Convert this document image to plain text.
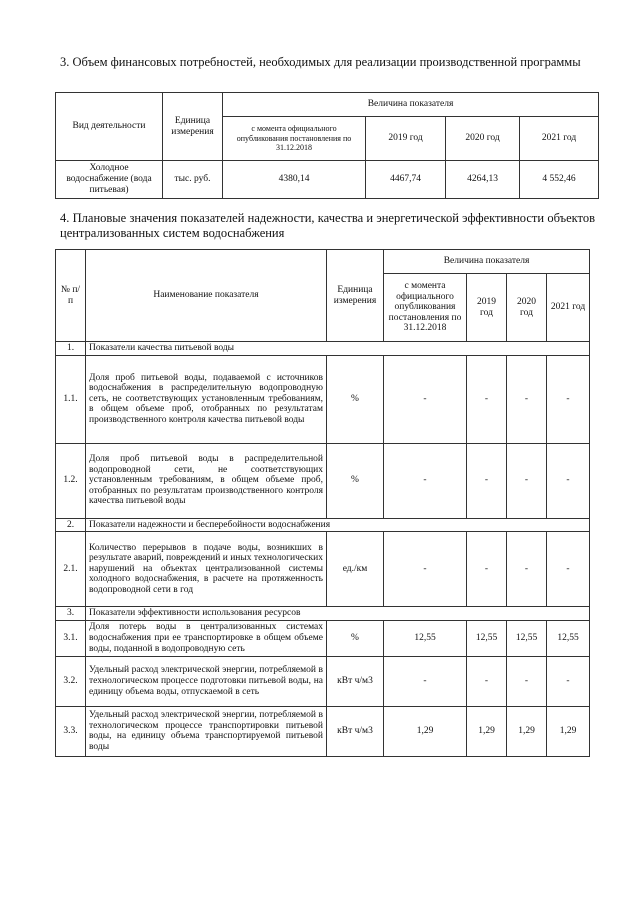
3. Объем финансовых потребностей, необходимых для реализации производственной программы
Вид деятельности	Единица измерения	Величина показателя			
		с момента официального опубликования постановления по 31.12.2018	2019 год	2020 год	2021 год
Холодное водоснабжение (вода питьевая)	тыс. руб.	4380,14	4467,74	4264,13	4 552,46
4. Плановые значения показателей надежности, качества и энергетической эффективности объектов централизованных систем водоснабжения
№ п/п	Наименование показателя	Единица измерения	Величина показателя			
			с момента официального опубликования постановления по 31.12.2018	2019 год	2020 год	2021 год
1.	Показатели качества питьевой воды					
1.1.	Доля проб питьевой воды, подаваемой с источников водоснабжения в распределительную водопроводную сеть, не соответствующих установленным требованиям, в общем объеме проб, отобранных по результатам производственного контроля качества питьевой воды	%	-	-	-	-
1.2.	Доля проб питьевой воды в распределительной водопроводной сети, не соответствующих установленным требованиям, в общем объеме проб, отобранных по результатам производственного контроля качества питьевой воды	%	-	-	-	-
2.	Показатели надежности и бесперебойности водоснабжения					
2.1.	Количество перерывов в подаче воды, возникших в результате аварий, повреждений и иных технологических нарушений на объектах централизованной системы холодного водоснабжения, в расчете на протяженность водопроводной сети в год	ед./км	-	-	-	-
3.	Показатели эффективности использования ресурсов					
3.1.	Доля потерь воды в централизованных системах водоснабжения при ее транспортировке в общем объеме воды, поданной в водопроводную сеть	%	12,55	12,55	12,55	12,55
3.2.	Удельный расход электрической энергии, потребляемой в технологическом процессе подготовки питьевой воды, на единицу объема воды, отпускаемой в сеть	кВт ч/м3	-	-	-	-
3.3.	Удельный расход электрической энергии, потребляемой в технологическом процессе транспортировки питьевой воды, на единицу объема транспортируемой питьевой воды	кВт ч/м3	1,29	1,29	1,29	1,29
